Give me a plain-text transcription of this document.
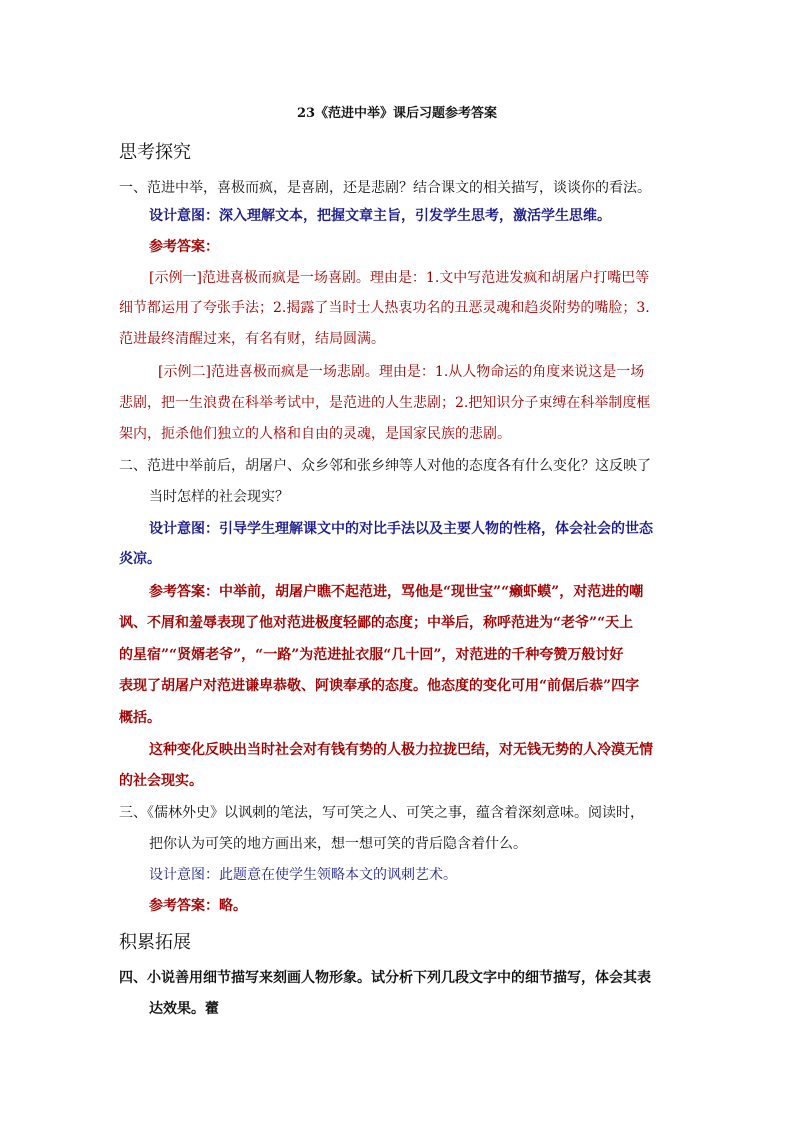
23《范进中举》课后习题参考答案
思考探究
一、范进中举，喜极而疯，是喜剧，还是悲剧？结合课文的相关描写，谈谈你的看法。
设计意图：深入理解文本，把握文章主旨，引发学生思考，激活学生思维。
参考答案：
[示例一]范进喜极而疯是一场喜剧。理由是：1.文中写范进发疯和胡屠户打嘴巴等
细节都运用了夸张手法；2.揭露了当时士人热衷功名的丑恶灵魂和趋炎附势的嘴脸；3.
范进最终清醒过来，有名有财，结局圆满。
[示例二]范进喜极而疯是一场悲剧。理由是：1.从人物命运的角度来说这是一场
悲剧，把一生浪费在科举考试中，是范进的人生悲剧；2.把知识分子束缚在科举制度框
架内，扼杀他们独立的人格和自由的灵魂，是国家民族的悲剧。
二、范进中举前后，胡屠户、众乡邻和张乡绅等人对他的态度各有什么变化？这反映了
当时怎样的社会现实？
设计意图：引导学生理解课文中的对比手法以及主要人物的性格，体会社会的世态
炎凉。
参考答案：中举前，胡屠户瞧不起范进，骂他是“现世宝”“癞虾蟆”，对范进的嘲
讽、不屑和羞辱表现了他对范进极度轻鄙的态度；中举后，称呼范进为“老爷”“天上
的星宿”“贤婿老爷”，“一路”为范进扯衣服“几十回”，对范进的千种夸赞万般讨好
表现了胡屠户对范进谦卑恭敬、阿谀奉承的态度。他态度的变化可用“前倨后恭”四字
概括。
这种变化反映出当时社会对有钱有势的人极力拉拢巴结，对无钱无势的人冷漠无情
的社会现实。
三、《儒林外史》以讽刺的笔法，写可笑之人、可笑之事，蕴含着深刻意味。阅读时，
把你认为可笑的地方画出来，想一想可笑的背后隐含着什么。
设计意图：此题意在使学生领略本文的讽刺艺术。
参考答案：略。
积累拓展
四、小说善用细节描写来刻画人物形象。试分析下列几段文字中的细节描写，体会其表
达效果。藿
